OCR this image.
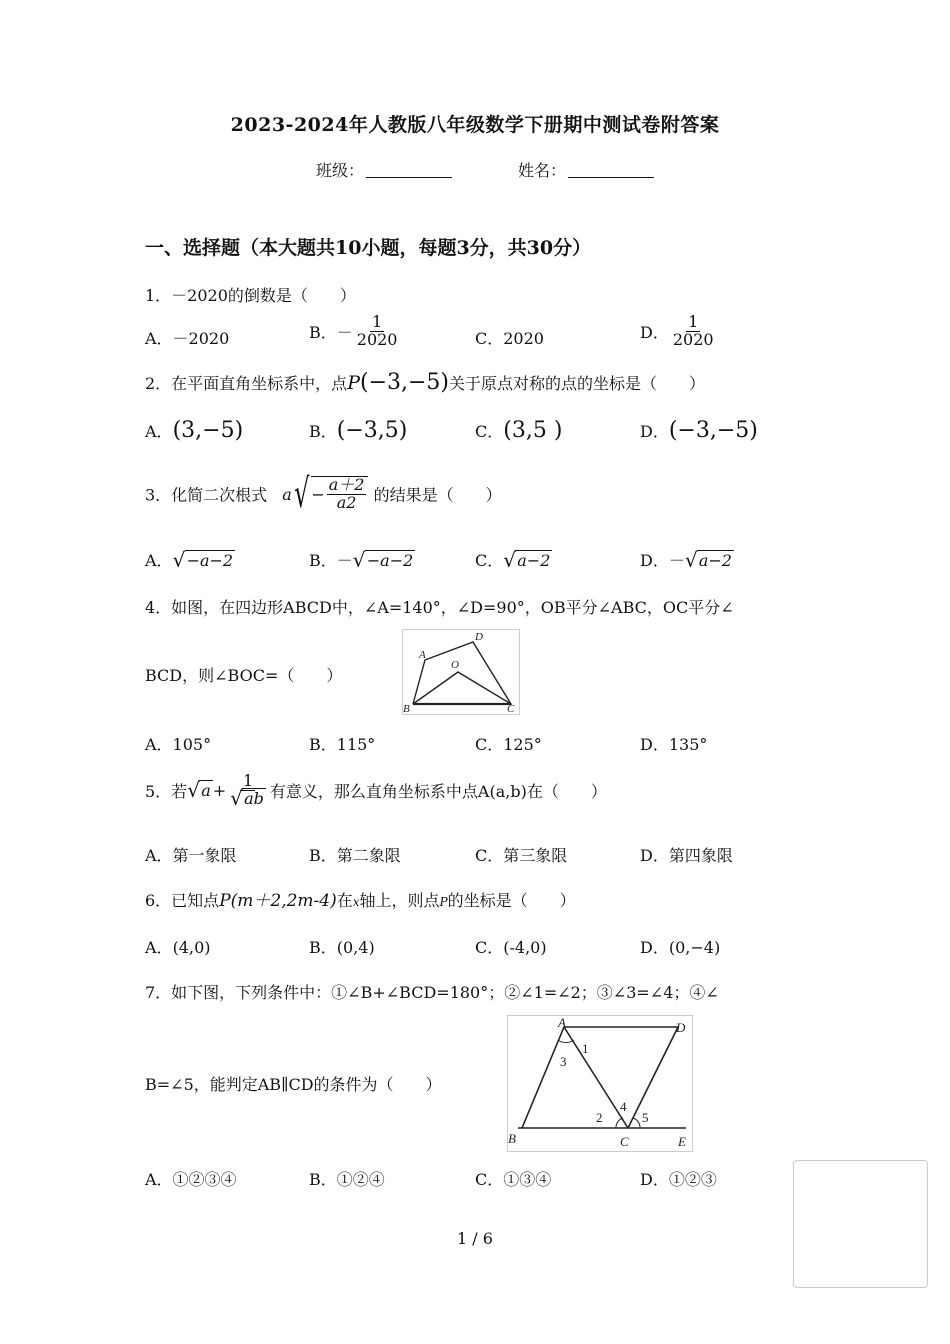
2023-2024年人教版八年级数学下册期中测试卷附答案
班级：	姓名：
一、选择题（本大题共10小题，每题3分，共30分）
1．－2020的倒数是（　　）
A．－2020	B．－ $\frac{1}{2020}$	C．2020	D． $\frac{1}{2020}$
2．在平面直角坐标系中，点P(−3,−5)关于原点对称的点的坐标是（　　）
A．(3,−5)	B．(−3,5)	C．(3,5 )	D．(−3,−5)
3．化简二次根式 $a√ - \frac{a+2}{a2}$ 的结果是（　　）
A． √ −a−2	B．－ √ −a−2	C． √ a−2	D．－ √ a−2
4．如图，在四边形ABCD中，∠A=140°，∠D=90°，OB平分∠ABC，OC平分∠
BCD，则∠BOC=（　　）
A
D
O
B	C
A．105°	B．115°	C．125°	D．135°
5．若 √ $a + \frac{1}{√ ab}$ 有意义，那么直角坐标系中点A(a,b)在（　　）
A．第一象限	B．第二象限	C．第三象限	D．第四象限
6．已知点P(m＋2,2m-4)在x轴上，则点P的坐标是（　　）
A．(4,0)	B．(0,4)	C．(-4,0)	D．(0,−4)
7．如下图，下列条件中：①∠B+∠BCD=180°；②∠1=∠2；③∠3=∠4；④∠
B=∠5，能判定AB∥CD的条件为（　　）
A	D
3
1
2
4
5
B	C	E
A．①②③④	B．①②④	C．①③④	D．①②③
1 / 6
